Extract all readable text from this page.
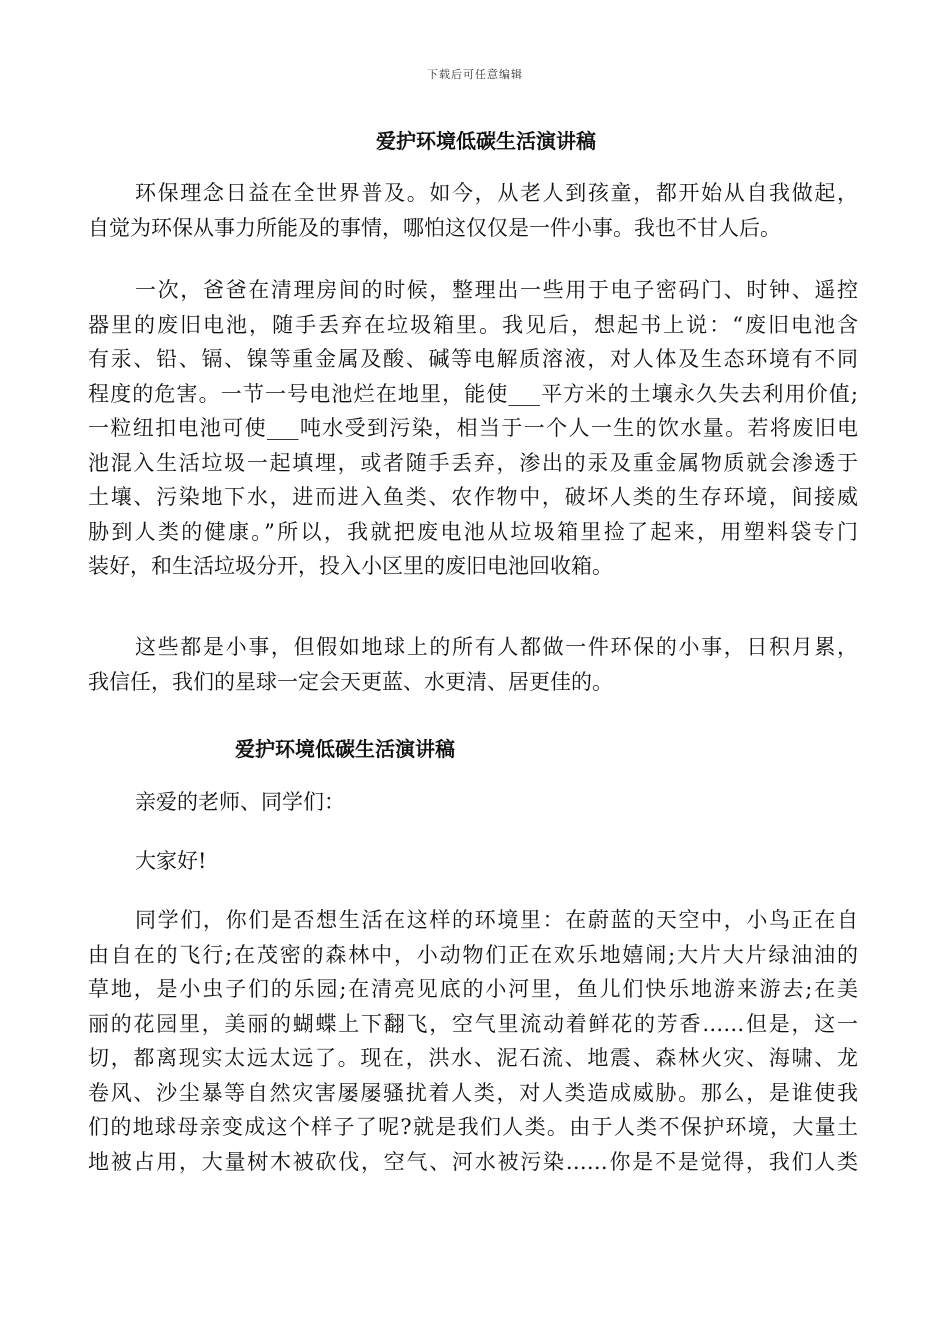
下载后可任意编辑
爱护环境低碳生活演讲稿
环保理念日益在全世界普及。如今，从老人到孩童，都开始从自我做起，
自觉为环保从事力所能及的事情，哪怕这仅仅是一件小事。我也不甘人后。
一次，爸爸在清理房间的时候，整理出一些用于电子密码门、时钟、遥控
器里的废旧电池，随手丢弃在垃圾箱里。我见后，想起书上说：“废旧电池含
有汞、铅、镉、镍等重金属及酸、碱等电解质溶液，对人体及生态环境有不同
程度的危害。一节一号电池烂在地里，能使___平方米的土壤永久失去利用价值;
一粒纽扣电池可使___吨水受到污染，相当于一个人一生的饮水量。若将废旧电
池混入生活垃圾一起填埋，或者随手丢弃，渗出的汞及重金属物质就会渗透于
土壤、污染地下水，进而进入鱼类、农作物中，破坏人类的生存环境，间接威
胁到人类的健康。”所以，我就把废电池从垃圾箱里捡了起来，用塑料袋专门
装好，和生活垃圾分开，投入小区里的废旧电池回收箱。
这些都是小事，但假如地球上的所有人都做一件环保的小事，日积月累，
我信任，我们的星球一定会天更蓝、水更清、居更佳的。
爱护环境低碳生活演讲稿
亲爱的老师、同学们：
大家好!
同学们，你们是否想生活在这样的环境里：在蔚蓝的天空中，小鸟正在自
由自在的飞行;在茂密的森林中，小动物们正在欢乐地嬉闹;大片大片绿油油的
草地，是小虫子们的乐园;在清亮见底的小河里，鱼儿们快乐地游来游去;在美
丽的花园里，美丽的蝴蝶上下翻飞，空气里流动着鲜花的芳香……但是，这一
切，都离现实太远太远了。现在，洪水、泥石流、地震、森林火灾、海啸、龙
卷风、沙尘暴等自然灾害屡屡骚扰着人类，对人类造成威胁。那么，是谁使我
们的地球母亲变成这个样子了呢?就是我们人类。由于人类不保护环境，大量土
地被占用，大量树木被砍伐，空气、河水被污染……你是不是觉得，我们人类
